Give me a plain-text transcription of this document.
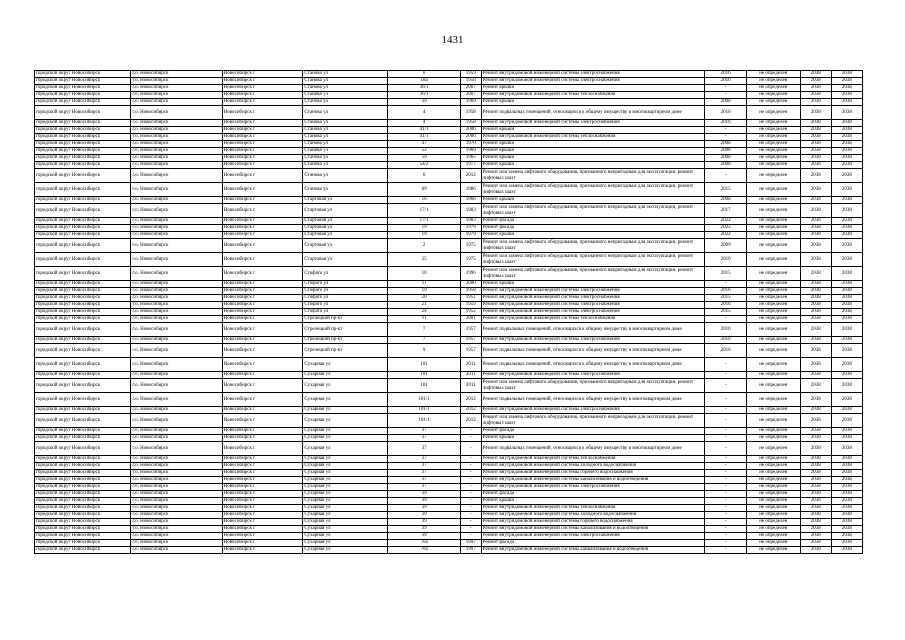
1431
городской округ Новосибирск	г.о. Новосибирск	Новосибирск г	Станова ул	6	1959	Ремонт внутридомовой инженерной системы электроснабжения	2016	не определен	2038	2038
городской округ Новосибирск	г.о. Новосибирск	Новосибирск г	Станова ул	18а	1958	Ремонт внутридомовой инженерной системы электроснабжения	2016	не определен	2038	2038
городской округ Новосибирск	г.о. Новосибирск	Новосибирск г	Станова ул	36/1	2007	Ремонт крыши	-	не определен	2038	2038
городской округ Новосибирск	г.о. Новосибирск	Новосибирск г	Станова ул	36/1	2007	Ремонт внутридомовой инженерной системы теплоснабжения	-	не определен	2038	2038
городской округ Новосибирск	г.о. Новосибирск	Новосибирск г	Станова ул	39	1969	Ремонт крыши	2008	не определен	2038	2038
городской округ Новосибирск	г.о. Новосибирск	Новосибирск г	Станова ул	4	1958	Ремонт подвальных помещений, относящихся к общему имуществу в многоквартирном доме	2016	не определен	2038	2038
городской округ Новосибирск	г.о. Новосибирск	Новосибирск г	Станова ул	4	1958	Ремонт внутридомовой инженерной системы электроснабжения	2016	не определен	2038	2038
городской округ Новосибирск	г.о. Новосибирск	Новосибирск г	Станова ул	41/1	2006	Ремонт крыши	-	не определен	2038	2038
городской округ Новосибирск	г.о. Новосибирск	Новосибирск г	Станова ул	41/1	2006	Ремонт внутридомовой инженерной системы теплоснабжения	-	не определен	2038	2038
городской округ Новосибирск	г.о. Новосибирск	Новосибирск г	Станова ул	47	1970	Ремонт крыши	2008	не определен	2038	2038
городской округ Новосибирск	г.о. Новосибирск	Новосибирск г	Станова ул	52	1969	Ремонт крыши	2008	не определен	2038	2038
городской округ Новосибирск	г.о. Новосибирск	Новосибирск г	Станова ул	59	1965	Ремонт крыши	2008	не определен	2038	2038
городской округ Новосибирск	г.о. Новосибирск	Новосибирск г	Станова ул	54/2	1977	Ремонт крыши	2008	не определен	2038	2038
городской округ Новосибирск	г.о. Новосибирск	Новосибирск г	Станова ул	6	2012	Ремонт или замена лифтового оборудования, признанного непригодным для эксплуатации, ремонт лифтовых шахт	-	не определен	2038	2038
городской округ Новосибирск	г.о. Новосибирск	Новосибирск г	Станова ул	69	1986	Ремонт или замена лифтового оборудования, признанного непригодным для эксплуатации, ремонт лифтовых шахт	2015	не определен	2038	2038
городской округ Новосибирск	г.о. Новосибирск	Новосибирск г	Стартовая ул	16	1966	Ремонт крыши	2008	не определен	2038	2038
городской округ Новосибирск	г.о. Новосибирск	Новосибирск г	Стартовая ул	17/1	1983	Ремонт или замена лифтового оборудования, признанного непригодным для эксплуатации, ремонт лифтовых шахт	2017	не определен	2038	2038
городской округ Новосибирск	г.о. Новосибирск	Новосибирск г	Стартовая ул	17/1	1983	Ремонт фасада	2022	не определен	2038	2038
городской округ Новосибирск	г.о. Новосибирск	Новосибирск г	Стартовая ул	19	1979	Ремонт фасада	2022	не определен	2038	2038
городской округ Новосибирск	г.о. Новосибирск	Новосибирск г	Стартовая ул	19	1979	Ремонт крыши	2022	не определен	2038	2038
городской округ Новосибирск	г.о. Новосибирск	Новосибирск г	Стартовая ул	2	1975	Ремонт или замена лифтового оборудования, признанного непригодным для эксплуатации, ремонт лифтовых шахт	2009	не определен	2038	2038
городской округ Новосибирск	г.о. Новосибирск	Новосибирск г	Стартовая ул	25	1975	Ремонт или замена лифтового оборудования, признанного непригодным для эксплуатации, ремонт лифтовых шахт	2010	не определен	2038	2038
городской округ Новосибирск	г.о. Новосибирск	Новосибирск г	Стофато ул	10	1996	Ремонт или замена лифтового оборудования, признанного непригодным для эксплуатации, ремонт лифтовых шахт	2015	не определен	2038	2038
городской округ Новосибирск	г.о. Новосибирск	Новосибирск г	Стофато ул	11	2000	Ремонт крыши	-	не определен	2038	2038
городской округ Новосибирск	г.о. Новосибирск	Новосибирск г	Стофато ул	19	1958	Ремонт внутридомовой инженерной системы электроснабжения	2016	не определен	2038	2038
городской округ Новосибирск	г.о. Новосибирск	Новосибирск г	Стофато ул	20	1951	Ремонт внутридомовой инженерной системы электроснабжения	2015	не определен	2038	2038
городской округ Новосибирск	г.о. Новосибирск	Новосибирск г	Стофато ул	21	1959	Ремонт внутридомовой инженерной системы электроснабжения	2016	не определен	2038	2038
городской округ Новосибирск	г.о. Новосибирск	Новосибирск г	Стофато ул	24	1952	Ремонт внутридомовой инженерной системы электроснабжения	2015	не определен	2038	2038
городской округ Новосибирск	г.о. Новосибирск	Новосибирск г	Стрелецкий пр-кт	11	2001	Ремонт внутридомовой инженерной системы теплоснабжения	-	не определен	2038	2038
городской округ Новосибирск	г.о. Новосибирск	Новосибирск г	Стрелецкий пр-кт	7	1957	Ремонт подвальных помещений, относящихся к общему имуществу в многоквартирном доме	2016	не определен	2038	2038
городской округ Новосибирск	г.о. Новосибирск	Новосибирск г	Стрелецкий пр-кт	7	1957	Ремонт внутридомовой инженерной системы электроснабжения	2016	не определен	2038	2038
городской округ Новосибирск	г.о. Новосибирск	Новосибирск г	Стрелецкий пр-кт	9	1957	Ремонт подвальных помещений, относящихся к общему имуществу в многоквартирном доме	2016	не определен	2038	2038
городской округ Новосибирск	г.о. Новосибирск	Новосибирск г	Сухарная ул	101	2011	Ремонт подвальных помещений, относящихся к общему имуществу в многоквартирном доме	-	не определен	2038	2038
городской округ Новосибирск	г.о. Новосибирск	Новосибирск г	Сухарная ул	101	2011	Ремонт внутридомовой инженерной системы электроснабжения	-	не определен	2038	2038
городской округ Новосибирск	г.о. Новосибирск	Новосибирск г	Сухарная ул	101	2011	Ремонт или замена лифтового оборудования, признанного непригодным для эксплуатации, ремонт лифтовых шахт	-	не определен	2038	2038
городской округ Новосибирск	г.о. Новосибирск	Новосибирск г	Сухарная ул	101/1	2012	Ремонт подвальных помещений, относящихся к общему имуществу в многоквартирном доме	-	не определен	2038	2038
городской округ Новосибирск	г.о. Новосибирск	Новосибирск г	Сухарная ул	101/1	2012	Ремонт внутридомовой инженерной системы электроснабжения	-	не определен	2038	2038
городской округ Новосибирск	г.о. Новосибирск	Новосибирск г	Сухарная ул	101/1	2012	Ремонт или замена лифтового оборудования, признанного непригодным для эксплуатации, ремонт лифтовых шахт	-	не определен	2038	2038
городской округ Новосибирск	г.о. Новосибирск	Новосибирск г	Сухарная ул	37	-	Ремонт фасада	-	не определен	2038	2038
городской округ Новосибирск	г.о. Новосибирск	Новосибирск г	Сухарная ул	37	-	Ремонт крыши	-	не определен	2038	2038
городской округ Новосибирск	г.о. Новосибирск	Новосибирск г	Сухарная ул	37	-	Ремонт подвальных помещений, относящихся к общему имуществу в многоквартирном доме	-	не определен	2038	2038
городской округ Новосибирск	г.о. Новосибирск	Новосибирск г	Сухарная ул	37	-	Ремонт внутридомовой инженерной системы теплоснабжения	-	не определен	2038	2038
городской округ Новосибирск	г.о. Новосибирск	Новосибирск г	Сухарная ул	37	-	Ремонт внутридомовой инженерной системы холодного водоснабжения	-	не определен	2038	2038
городской округ Новосибирск	г.о. Новосибирск	Новосибирск г	Сухарная ул	37	-	Ремонт внутридомовой инженерной системы горячего водоснабжения	-	не определен	2038	2038
городской округ Новосибирск	г.о. Новосибирск	Новосибирск г	Сухарная ул	37	-	Ремонт внутридомовой инженерной системы канализования и водоотведения	-	не определен	2038	2038
городской округ Новосибирск	г.о. Новосибирск	Новосибирск г	Сухарная ул	37	-	Ремонт внутридомовой инженерной системы электроснабжения	-	не определен	2038	2038
городской округ Новосибирск	г.о. Новосибирск	Новосибирск г	Сухарная ул	39	-	Ремонт фасада	-	не определен	2038	2038
городской округ Новосибирск	г.о. Новосибирск	Новосибирск г	Сухарная ул	39	-	Ремонт крыши	-	не определен	2038	2038
городской округ Новосибирск	г.о. Новосибирск	Новосибирск г	Сухарная ул	39	-	Ремонт внутридомовой инженерной системы теплоснабжения	-	не определен	2038	2038
городской округ Новосибирск	г.о. Новосибирск	Новосибирск г	Сухарная ул	39	-	Ремонт внутридомовой инженерной системы холодного водоснабжения	-	не определен	2038	2038
городской округ Новосибирск	г.о. Новосибирск	Новосибирск г	Сухарная ул	39	-	Ремонт внутридомовой инженерной системы горячего водоснабжения	-	не определен	2038	2038
городской округ Новосибирск	г.о. Новосибирск	Новосибирск г	Сухарная ул	39	-	Ремонт внутридомовой инженерной системы канализования и водоотведения	-	не определен	2038	2038
городской округ Новосибирск	г.о. Новосибирск	Новосибирск г	Сухарная ул	39	-	Ремонт внутридомовой инженерной системы электроснабжения	-	не определен	2038	2038
городской округ Новосибирск	г.о. Новосибирск	Новосибирск г	Сухарная ул	70а	1997	Ремонт фасада	-	не определен	2038	2038
городской округ Новосибирск	г.о. Новосибирск	Новосибирск г	Сухарная ул	70а	1997	Ремонт внутридомовой инженерной системы канализования и водоотведения	-	не определен	2038	2038
